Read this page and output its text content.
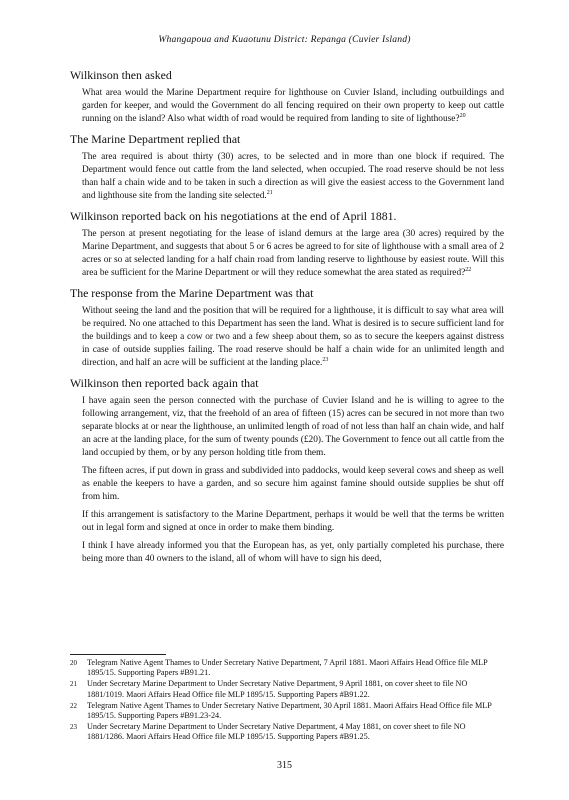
Whangapoua and Kuaotunu District: Repanga (Cuvier Island)

Wilkinson then asked

What area would the Marine Department require for lighthouse on Cuvier Island, including outbuildings and garden for keeper, and would the Government do all fencing required on their own property to keep out cattle running on the island? Also what width of road would be required from landing to site of lighthouse?$^{20}$

The Marine Department replied that

The area required is about thirty (30) acres, to be selected and in more than one block if required. The Department would fence out cattle from the land selected, when occupied. The road reserve should be not less than half a chain wide and to be taken in such a direction as will give the easiest access to the Government land and lighthouse site from the landing site selected.$^{21}$

Wilkinson reported back on his negotiations at the end of April 1881.

The person at present negotiating for the lease of island demurs at the large area (30 acres) required by the Marine Department, and suggests that about 5 or 6 acres be agreed to for site of lighthouse with a small area of 2 acres or so at selected landing for a half chain road from landing reserve to lighthouse by easiest route. Will this area be sufficient for the Marine Department or will they reduce somewhat the area stated as required?$^{22}$

The response from the Marine Department was that

Without seeing the land and the position that will be required for a lighthouse, it is difficult to say what area will be required. No one attached to this Department has seen the land. What is desired is to secure sufficient land for the buildings and to keep a cow or two and a few sheep about them, so as to secure the keepers against distress in case of outside supplies failing. The road reserve should be half a chain wide for an unlimited length and direction, and half an acre will be sufficient at the landing place.$^{23}$

Wilkinson then reported back again that

I have again seen the person connected with the purchase of Cuvier Island and he is willing to agree to the following arrangement, viz, that the freehold of an area of fifteen (15) acres can be secured in not more than two separate blocks at or near the lighthouse, an unlimited length of road of not less than half an chain wide, and half an acre at the landing place, for the sum of twenty pounds (£20). The Government to fence out all cattle from the land occupied by them, or by any person holding title from them.

The fifteen acres, if put down in grass and subdivided into paddocks, would keep several cows and sheep as well as enable the keepers to have a garden, and so secure him against famine should outside supplies be shut off from him.

If this arrangement is satisfactory to the Marine Department, perhaps it would be well that the terms be written out in legal form and signed at once in order to make them binding.

I think I have already informed you that the European has, as yet, only partially completed his purchase, there being more than 40 owners to the island, all of whom will have to sign his deed,

20 Telegram Native Agent Thames to Under Secretary Native Department, 7 April 1881. Maori Affairs Head Office file MLP 1895/15. Supporting Papers #B91.21.
21 Under Secretary Marine Department to Under Secretary Native Department, 9 April 1881, on cover sheet to file NO 1881/1019. Maori Affairs Head Office file MLP 1895/15. Supporting Papers #B91.22.
22 Telegram Native Agent Thames to Under Secretary Native Department, 30 April 1881. Maori Affairs Head Office file MLP 1895/15. Supporting Papers #B91.23-24.
23 Under Secretary Marine Department to Under Secretary Native Department, 4 May 1881, on cover sheet to file NO 1881/1286. Maori Affairs Head Office file MLP 1895/15. Supporting Papers #B91.25.
315
